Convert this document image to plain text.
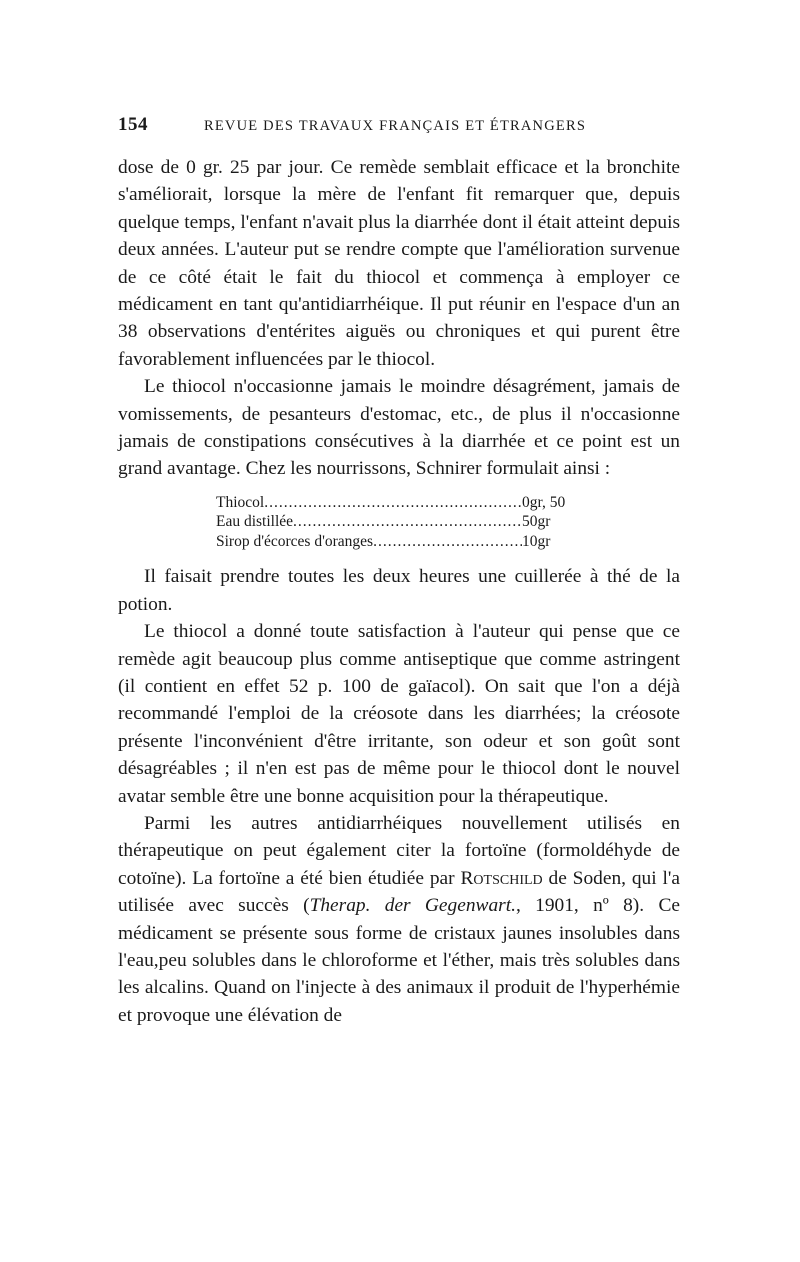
154	REVUE DES TRAVAUX FRANÇAIS ET ÉTRANGERS

dose de 0 gr. 25 par jour. Ce remède semblait efficace et la bronchite s'améliorait, lorsque la mère de l'enfant fit remarquer que, depuis quelque temps, l'enfant n'avait plus la diarrhée dont il était atteint depuis deux années. L'auteur put se rendre compte que l'amélioration survenue de ce côté était le fait du thiocol et commença à employer ce médicament en tant qu'antidiarrhéique. Il put réunir en l'espace d'un an 38 observations d'entérites aiguës ou chroniques et qui purent être favorablement influencées par le thiocol.

Le thiocol n'occasionne jamais le moindre désagrément, jamais de vomissements, de pesanteurs d'estomac, etc., de plus il n'occasionne jamais de constipations consécutives à la diarrhée et ce point est un grand avantage. Chez les nourrissons, Schnirer formulait ainsi :

Thiocol .....	0gr, 50
Eau distillée .....	50gr
Sirop d'écorces d'oranges .....	10gr

Il faisait prendre toutes les deux heures une cuillerée à thé de la potion.

Le thiocol a donné toute satisfaction à l'auteur qui pense que ce remède agit beaucoup plus comme antiseptique que comme astringent (il contient en effet 52 p. 100 de gaïacol). On sait que l'on a déjà recommandé l'emploi de la créosote dans les diarrhées; la créosote présente l'inconvénient d'être irritante, son odeur et son goût sont désagréables ; il n'en est pas de même pour le thiocol dont le nouvel avatar semble être une bonne acquisition pour la thérapeutique.

Parmi les autres antidiarrhéiques nouvellement utilisés en thérapeutique on peut également citer la fortoïne (formoldéhyde de cotoïne). La fortoïne a été bien étudiée par Rotschild de Soden, qui l'a utilisée avec succès (Therap. der Gegenwart., 1901, nº 8). Ce médicament se présente sous forme de cristaux jaunes insolubles dans l'eau,peu solubles dans le chloroforme et l'éther, mais très solubles dans les alcalins. Quand on l'injecte à des animaux il produit de l'hyperhémie et provoque une élévation de
